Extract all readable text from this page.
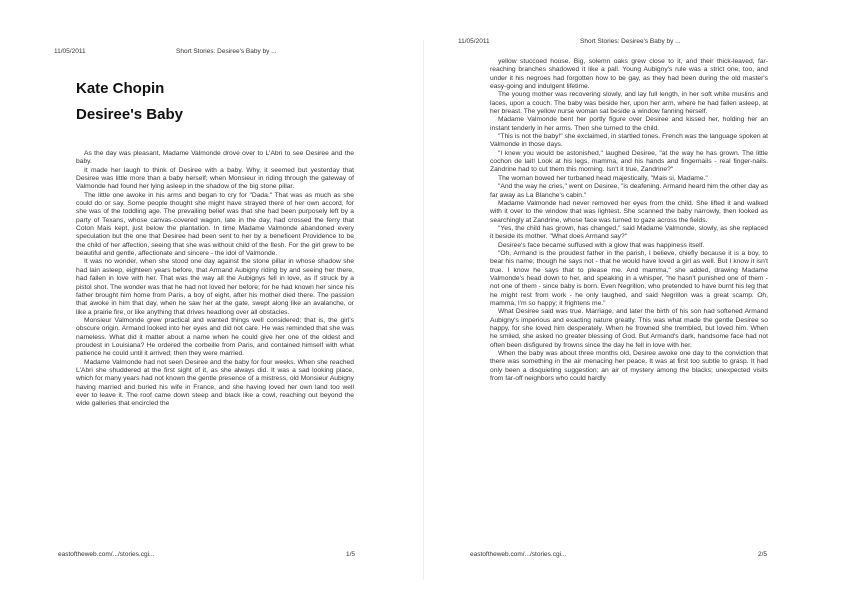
11/05/2011	Short Stories: Desiree's Baby by ...
Kate Chopin
Desiree's Baby

As the day was pleasant, Madame Valmonde drove over to L'Abri to see Desiree and the baby.

It made her laugh to think of Desiree with a baby. Why, it seemed but yesterday that Desiree was little more than a baby herself; when Monsieur in riding through the gateway of Valmonde had found her lying asleep in the shadow of the big stone pillar.

The little one awoke in his arms and began to cry for "Dada." That was as much as she could do or say. Some people thought she might have strayed there of her own accord, for she was of the toddling age. The prevailing belief was that she had been purposely left by a party of Texans, whose canvas-covered wagon, late in the day, had crossed the ferry that Coton Mais kept, just below the plantation. In time Madame Valmonde abandoned every speculation but the one that Desiree had been sent to her by a beneficent Providence to be the child of her affection, seeing that she was without child of the flesh. For the girl grew to be beautiful and gentle, affectionate and sincere - the idol of Valmonde.

It was no wonder, when she stood one day against the stone pillar in whose shadow she had lain asleep, eighteen years before, that Armand Aubigny riding by and seeing her there, had fallen in love with her. That was the way all the Aubignys fell in love, as if struck by a pistol shot. The wonder was that he had not loved her before; for he had known her since his father brought him home from Paris, a boy of eight, after his mother died there. The passion that awoke in him that day, when he saw her at the gate, swept along like an avalanche, or like a prairie fire, or like anything that drives headlong over all obstacles.

Monsieur Valmonde grew practical and wanted things well considered: that is, the girl's obscure origin. Armand looked into her eyes and did not care. He was reminded that she was nameless. What did it matter about a name when he could give her one of the oldest and proudest in Louisiana? He ordered the corbeille from Paris, and contained himself with what patience he could until it arrived; then they were married.

Madame Valmonde had not seen Desiree and the baby for four weeks. When she reached L'Abri she shuddered at the first sight of it, as she always did. It was a sad looking place, which for many years had not known the gentle presence of a mistress, old Monsieur Aubigny having married and buried his wife in France, and she having loved her own land too well ever to leave it. The roof came down steep and black like a cowl, reaching out beyond the wide galleries that encircled the

eastoftheweb.com/.../stories.cgi...	1/5
11/05/2011	Short Stories: Desiree's Baby by ...

yellow stuccoed house. Big, solemn oaks grew close to it, and their thick-leaved, far-reaching branches shadowed it like a pall. Young Aubigny's rule was a strict one, too, and under it his negroes had forgotten how to be gay, as they had been during the old master's easy-going and indulgent lifetime.

The young mother was recovering slowly, and lay full length, in her soft white muslins and laces, upon a couch. The baby was beside her, upon her arm, where he had fallen asleep, at her breast. The yellow nurse woman sat beside a window fanning herself.

Madame Valmonde bent her portly figure over Desiree and kissed her, holding her an instant tenderly in her arms. Then she turned to the child.

"This is not the baby!" she exclaimed, in startled tones. French was the language spoken at Valmonde in those days.

"I knew you would be astonished," laughed Desiree, "at the way he has grown. The little cochon de lait! Look at his legs, mamma, and his hands and fingernails - real finger-nails. Zandrine had to cut them this morning. Isn't it true, Zandrine?"

The woman bowed her turbaned head majestically, "Mais si, Madame."

"And the way he cries," went on Desiree, "is deafening. Armand heard him the other day as far away as La Blanche's cabin."

Madame Valmonde had never removed her eyes from the child. She lifted it and walked with it over to the window that was lightest. She scanned the baby narrowly, then looked as searchingly at Zandrine, whose face was turned to gaze across the fields.

"Yes, the child has grown, has changed," said Madame Valmonde, slowly, as she replaced it beside its mother. "What does Armand say?"

Desiree's face became suffused with a glow that was happiness itself.

"Oh, Armand is the proudest father in the parish, I believe, chiefly because it is a boy, to bear his name; though he says not - that he would have loved a girl as well. But I know it isn't true. I know he says that to please me. And mamma," she added, drawing Madame Valmonde's head down to her, and speaking in a whisper, "he hasn't punished one of them - not one of them - since baby is born. Even Negrillon, who pretended to have burnt his leg that he might rest from work - he only laughed, and said Negrillon was a great scamp. Oh, mamma, I'm so happy; it frightens me."

What Desiree said was true. Marriage, and later the birth of his son had softened Armand Aubigny's imperious and exacting nature greatly. This was what made the gentle Desiree so happy, for she loved him desperately. When he frowned she trembled, but loved him. When he smiled, she asked no greater blessing of God. But Armand's dark, handsome face had not often been disfigured by frowns since the day he fell in love with her.

When the baby was about three months old, Desiree awoke one day to the conviction that there was something in the air menacing her peace. It was at first too subtle to grasp. It had only been a disquieting suggestion; an air of mystery among the blacks; unexpected visits from far-off neighbors who could hardly

eastoftheweb.com/.../stories.cgi...	2/5
